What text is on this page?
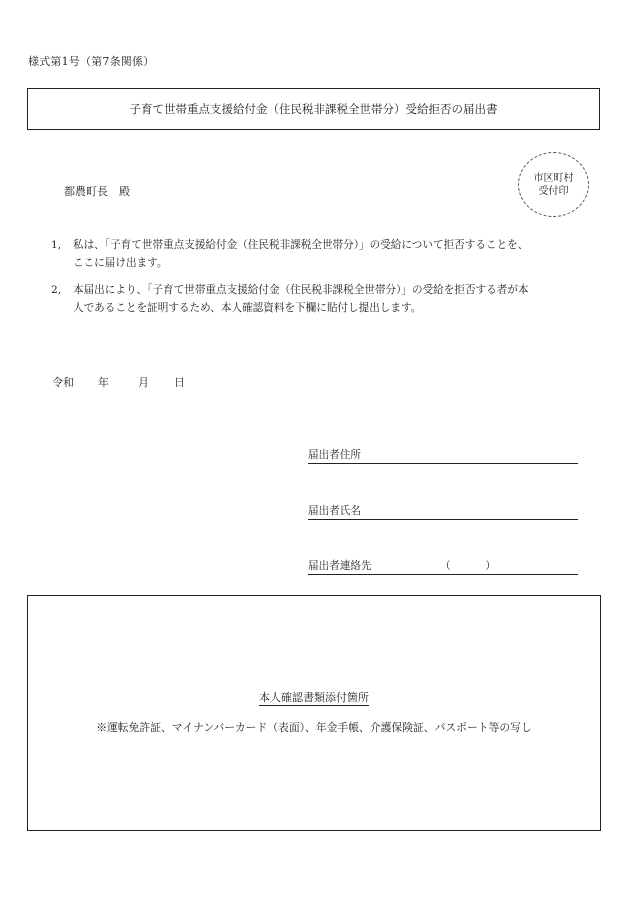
様式第1号（第7条関係）
子育て世帯重点支援給付金（住民税非課税全世帯分）受給拒否の届出書
都農町長　殿
市区町村
受付印
1,	私は、「子育て世帯重点支援給付金（住民税非課税全世帯分）」の受給について拒否することを、
ここに届け出ます。
2,	本届出により、「子育て世帯重点支援給付金（住民税非課税全世帯分）」の受給を拒否する者が本
人であることを証明するため、本人確認資料を下欄に貼付し提出します。
令和	年	月	日
届出者住所
届出者氏名
届出者連絡先	（	）
本人確認書類添付箇所
※運転免許証、マイナンバーカード（表面）、年金手帳、介護保険証、パスポート等の写し
